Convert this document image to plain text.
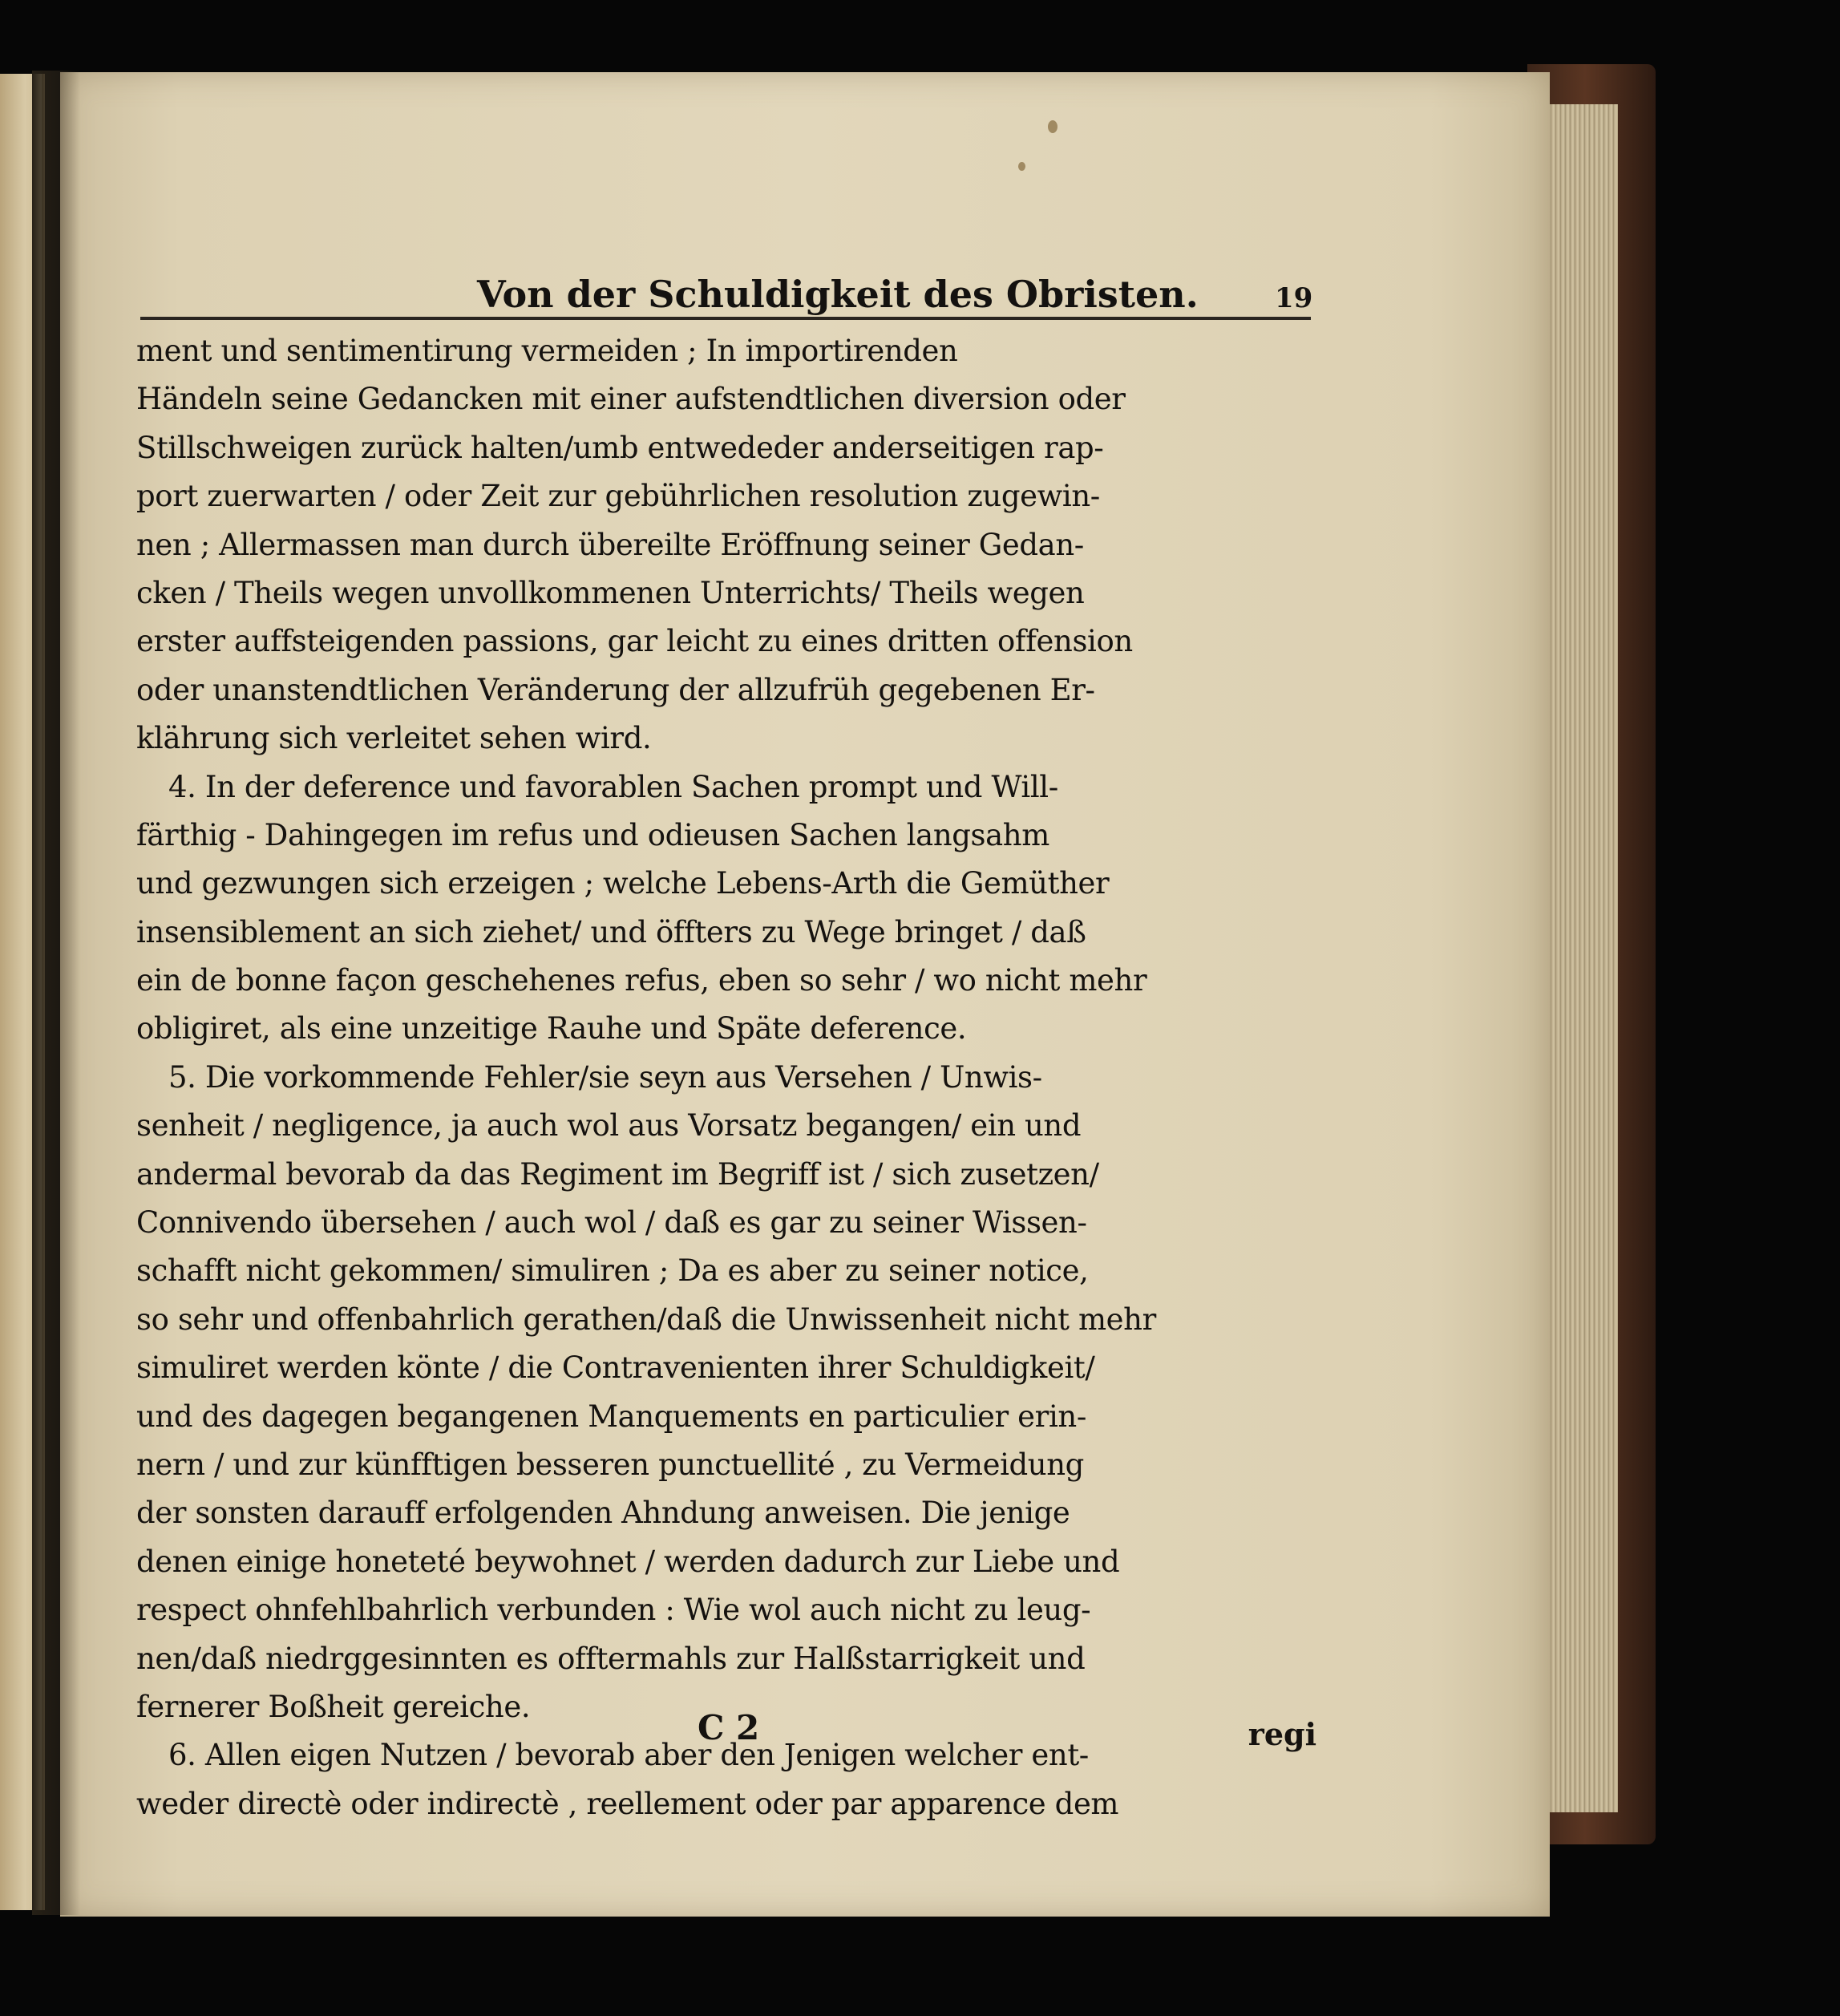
Von der Schuldigkeit des Obristen.	19
ment und sentimentirung vermeiden ; In importirenden
Händeln seine Gedancken mit einer aufstendtlichen diversion oder
Stillschweigen zurück halten/umb entwededer anderseitigen rap-
port zuerwarten / oder Zeit zur gebührlichen resolution zugewin-
nen ; Allermassen man durch übereilte Eröffnung seiner Gedan-
cken / Theils wegen unvollkommenen Unterrichts/ Theils wegen
erster auffsteigenden passions, gar leicht zu eines dritten offension
oder unanstendtlichen Veränderung der allzufrüh gegebenen Er-
klährung sich verleitet sehen wird.
4. In der deference und favorablen Sachen prompt und Will-
färthig - Dahingegen im refus und odieusen Sachen langsahm
und gezwungen sich erzeigen ; welche Lebens-Arth die Gemüther
insensiblement an sich ziehet/ und öffters zu Wege bringet / daß
ein de bonne façon geschehenes refus, eben so sehr / wo nicht mehr
obligiret, als eine unzeitige Rauhe und Späte deference.
5. Die vorkommende Fehler/sie seyn aus Versehen / Unwis-
senheit / negligence, ja auch wol aus Vorsatz begangen/ ein und
andermal bevorab da das Regiment im Begriff ist / sich zusetzen/
Connivendo übersehen / auch wol / daß es gar zu seiner Wissen-
schafft nicht gekommen/ simuliren ; Da es aber zu seiner notice,
so sehr und offenbahrlich gerathen/daß die Unwissenheit nicht mehr
simuliret werden könte / die Contravenienten ihrer Schuldigkeit/
und des dagegen begangenen Manquements en particulier erin-
nern / und zur künfftigen besseren punctuellité , zu Vermeidung
der sonsten darauff erfolgenden Ahndung anweisen. Die jenige
denen einige honeteté beywohnet / werden dadurch zur Liebe und
respect ohnfehlbahrlich verbunden : Wie wol auch nicht zu leug-
nen/daß niedrggesinnten es offtermahls zur Halßstarrigkeit und
fernerer Boßheit gereiche.
6. Allen eigen Nutzen / bevorab aber den Jenigen welcher ent-
weder directè oder indirectè , reellement oder par apparence dem
C 2	regi
